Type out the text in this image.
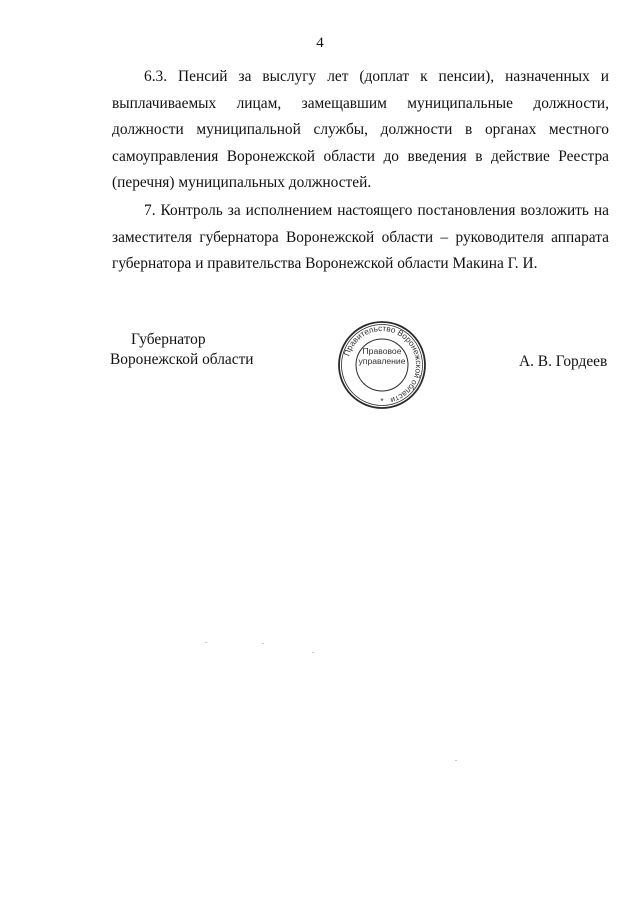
4

6.3. Пенсий за выслугу лет (доплат к пенсии), назначенных и выплачиваемых лицам, замещавшим муниципальные должности, должности муниципальной службы, должности в органах местного самоуправления Воронежской области до введения в действие Реестра (перечня) муниципальных должностей.

7. Контроль за исполнением настоящего постановления возложить на заместителя губернатора Воронежской области – руководителя аппарата губернатора и правительства Воронежской области Макина Г. И.

Губернатор
Воронежской области	Правительство Воронежской области
*
Правовое
управление	А. В. Гордеев
